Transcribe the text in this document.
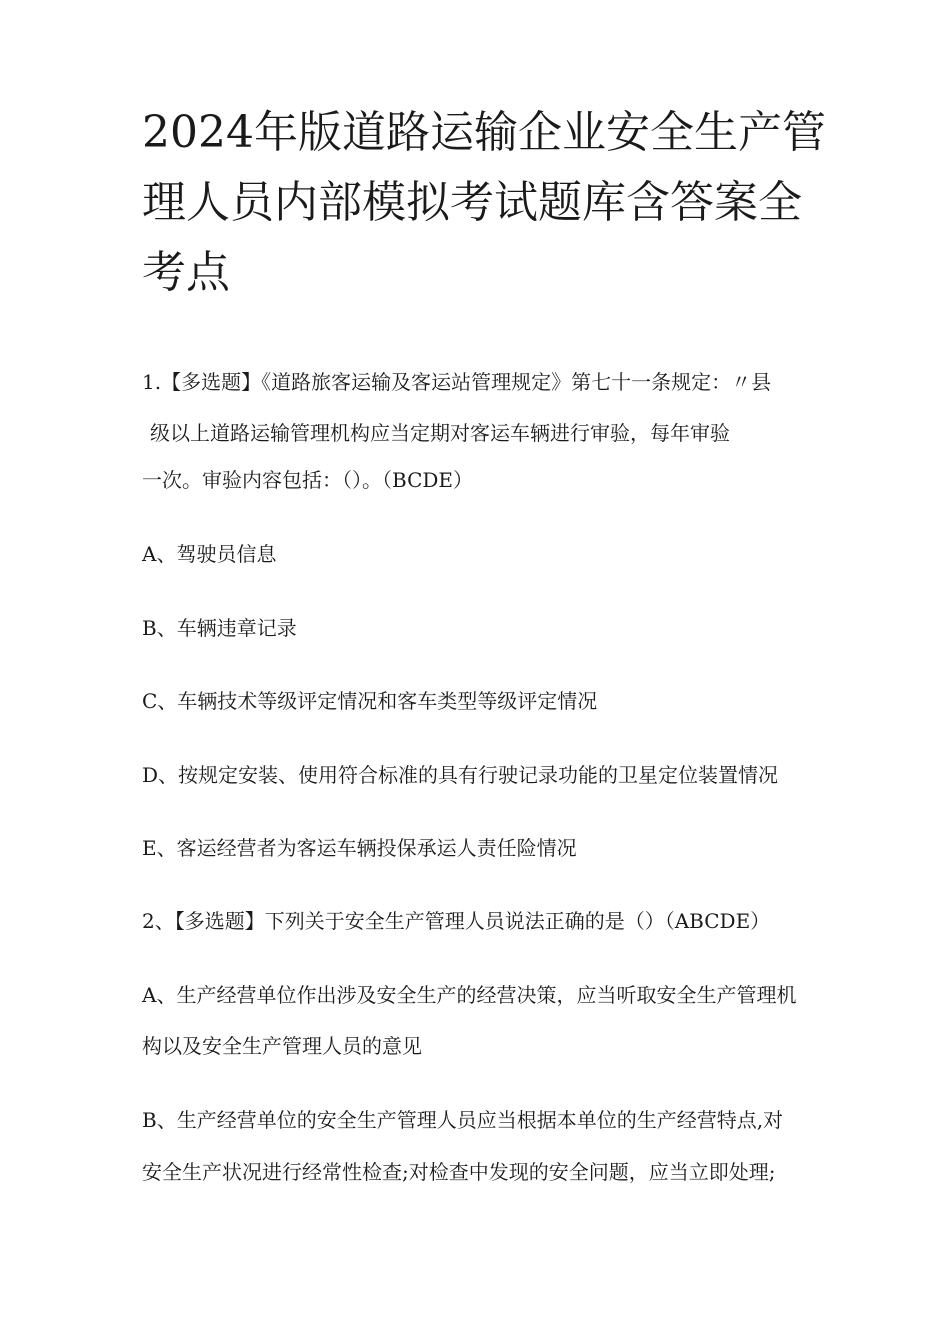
2024年版道路运输企业安全生产管
理人员内部模拟考试题库含答案全
考点

1.【多选题】《道路旅客运输及客运站管理规定》第七十一条规定：〃县

级以上道路运输管理机构应当定期对客运车辆进行审验，每年审验

一次。审验内容包括：（）。（BCDE）

A、驾驶员信息

B、车辆违章记录

C、车辆技术等级评定情况和客车类型等级评定情况

D、按规定安装、使用符合标准的具有行驶记录功能的卫星定位装置情况

E、客运经营者为客运车辆投保承运人责任险情况

2、【多选题】下列关于安全生产管理人员说法正确的是（）（ABCDE）

A、生产经营单位作出涉及安全生产的经营决策，应当听取安全生产管理机

构以及安全生产管理人员的意见

B、生产经营单位的安全生产管理人员应当根据本单位的生产经营特点,对

安全生产状况进行经常性检查;对检查中发现的安全问题，应当立即处理;
